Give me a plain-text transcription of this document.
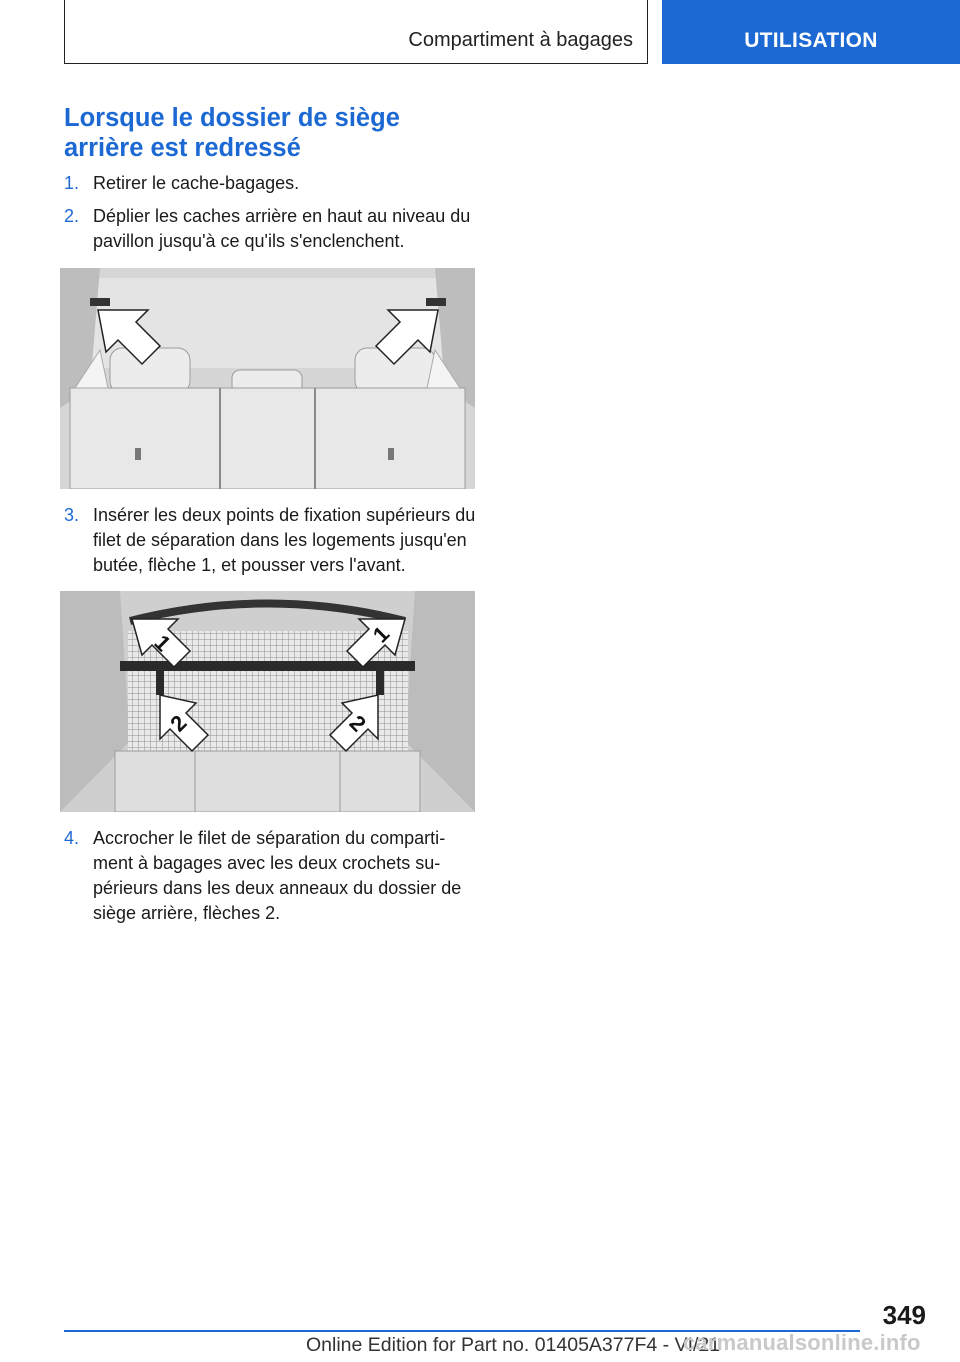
Compartiment à bagages	UTILISATION
Lorsque le dossier de siège arrière est redressé
1. Retirer le cache-bagages.
2. Déplier les caches arrière en haut au niveau du pavillon jusqu'à ce qu'ils s'enclenchent.
3. Insérer les deux points de fixation supérieurs du filet de séparation dans les logements jusqu'en butée, flèche 1, et pousser vers l'avant.
1	1
2	2
4. Accrocher le filet de séparation du compartiment à bagages avec les deux crochets supérieurs dans les deux anneaux du dossier de siège arrière, flèches 2.
349
Online Edition for Part no. 01405A377F4 - VI/21
carmanualsonline.info
